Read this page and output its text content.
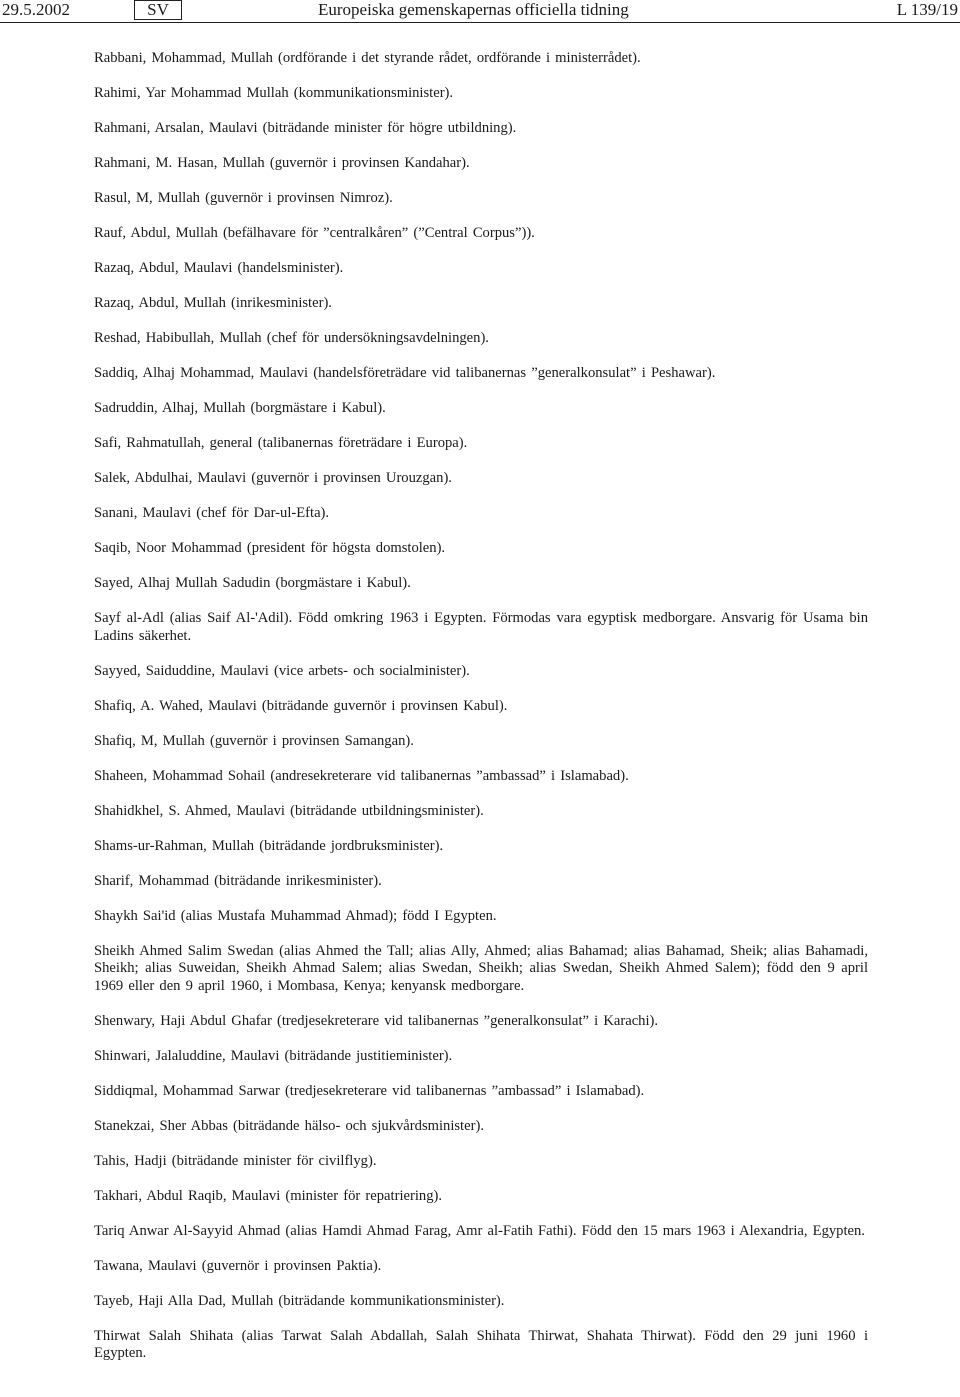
29.5.2002	SV	Europeiska gemenskapernas officiella tidning	L 139/19
Rabbani, Mohammad, Mullah (ordförande i det styrande rådet, ordförande i ministerrådet).
Rahimi, Yar Mohammad Mullah (kommunikationsminister).
Rahmani, Arsalan, Maulavi (biträdande minister för högre utbildning).
Rahmani, M. Hasan, Mullah (guvernör i provinsen Kandahar).
Rasul, M, Mullah (guvernör i provinsen Nimroz).
Rauf, Abdul, Mullah (befälhavare för ”centralkåren” (”Central Corpus”)).
Razaq, Abdul, Maulavi (handelsminister).
Razaq, Abdul, Mullah (inrikesminister).
Reshad, Habibullah, Mullah (chef för undersökningsavdelningen).
Saddiq, Alhaj Mohammad, Maulavi (handelsföreträdare vid talibanernas ”generalkonsulat” i Peshawar).
Sadruddin, Alhaj, Mullah (borgmästare i Kabul).
Safi, Rahmatullah, general (talibanernas företrädare i Europa).
Salek, Abdulhai, Maulavi (guvernör i provinsen Urouzgan).
Sanani, Maulavi (chef för Dar-ul-Efta).
Saqib, Noor Mohammad (president för högsta domstolen).
Sayed, Alhaj Mullah Sadudin (borgmästare i Kabul).
Sayf al-Adl (alias Saif Al-'Adil). Född omkring 1963 i Egypten. Förmodas vara egyptisk medborgare. Ansvarig för Usama bin Ladins säkerhet.
Sayyed, Saiduddine, Maulavi (vice arbets- och socialminister).
Shafiq, A. Wahed, Maulavi (biträdande guvernör i provinsen Kabul).
Shafiq, M, Mullah (guvernör i provinsen Samangan).
Shaheen, Mohammad Sohail (andresekreterare vid talibanernas ”ambassad” i Islamabad).
Shahidkhel, S. Ahmed, Maulavi (biträdande utbildningsminister).
Shams-ur-Rahman, Mullah (biträdande jordbruksminister).
Sharif, Mohammad (biträdande inrikesminister).
Shaykh Sai'id (alias Mustafa Muhammad Ahmad); född I Egypten.
Sheikh Ahmed Salim Swedan (alias Ahmed the Tall; alias Ally, Ahmed; alias Bahamad; alias Bahamad, Sheik; alias Bahamadi, Sheikh; alias Suweidan, Sheikh Ahmad Salem; alias Swedan, Sheikh; alias Swedan, Sheikh Ahmed Salem); född den 9 april 1969 eller den 9 april 1960, i Mombasa, Kenya; kenyansk medborgare.
Shenwary, Haji Abdul Ghafar (tredjesekreterare vid talibanernas ”generalkonsulat” i Karachi).
Shinwari, Jalaluddine, Maulavi (biträdande justitieminister).
Siddiqmal, Mohammad Sarwar (tredjesekreterare vid talibanernas ”ambassad” i Islamabad).
Stanekzai, Sher Abbas (biträdande hälso- och sjukvårdsminister).
Tahis, Hadji (biträdande minister för civilflyg).
Takhari, Abdul Raqib, Maulavi (minister för repatriering).
Tariq Anwar Al-Sayyid Ahmad (alias Hamdi Ahmad Farag, Amr al-Fatih Fathi). Född den 15 mars 1963 i Alexandria, Egypten.
Tawana, Maulavi (guvernör i provinsen Paktia).
Tayeb, Haji Alla Dad, Mullah (biträdande kommunikationsminister).
Thirwat Salah Shihata (alias Tarwat Salah Abdallah, Salah Shihata Thirwat, Shahata Thirwat). Född den 29 juni 1960 i Egypten.
